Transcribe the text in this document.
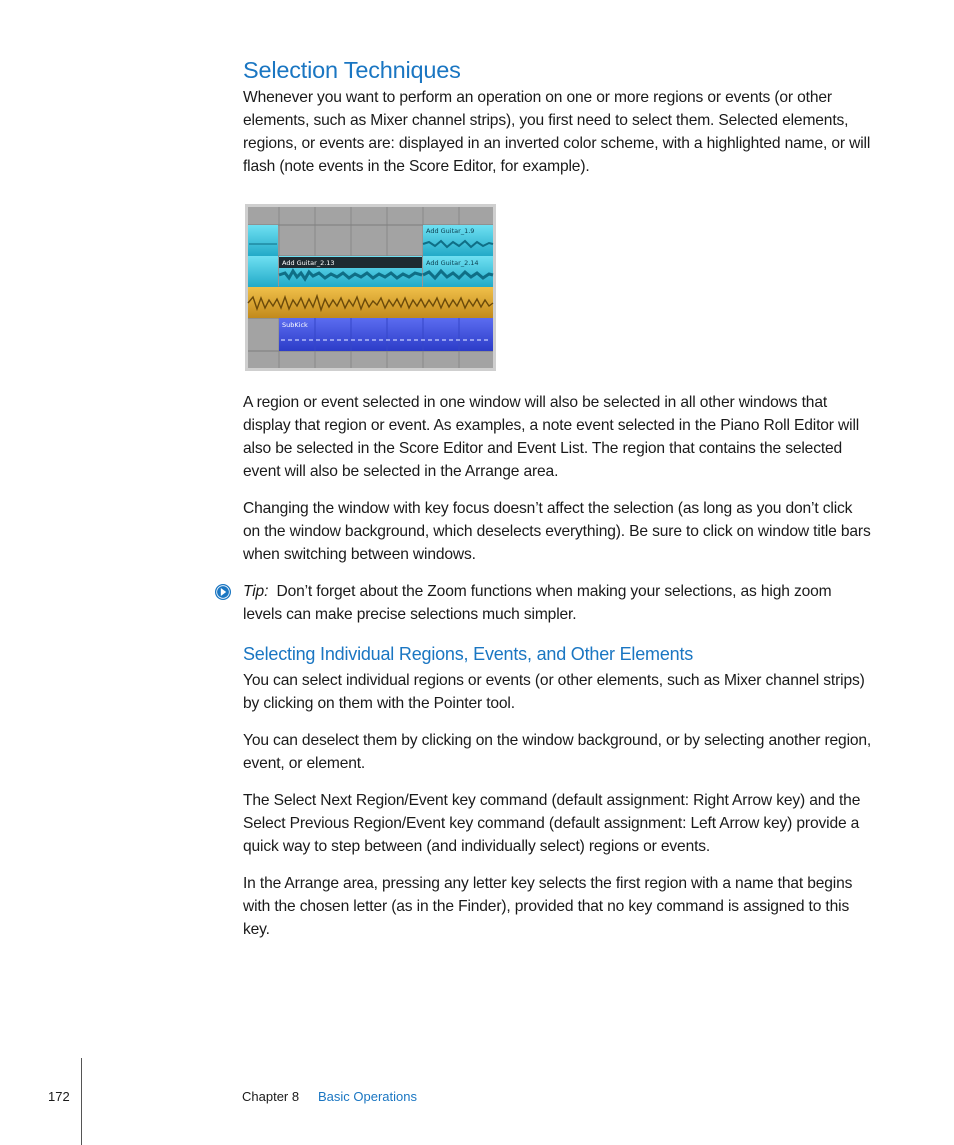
Selection Techniques

Whenever you want to perform an operation on one or more regions or events (or other elements, such as Mixer channel strips), you first need to select them. Selected elements, regions, or events are: displayed in an inverted color scheme, with a highlighted name, or will flash (note events in the Score Editor, for example).

Add Guitar_1.9
Add Guitar_2.13	Add Guitar_2.14
SubKick

A region or event selected in one window will also be selected in all other windows that display that region or event. As examples, a note event selected in the Piano Roll Editor will also be selected in the Score Editor and Event List. The region that contains the selected event will also be selected in the Arrange area.

Changing the window with key focus doesn’t affect the selection (as long as you don’t click on the window background, which deselects everything). Be sure to click on window title bars when switching between windows.

Tip: Don’t forget about the Zoom functions when making your selections, as high zoom levels can make precise selections much simpler.

Selecting Individual Regions, Events, and Other Elements

You can select individual regions or events (or other elements, such as Mixer channel strips) by clicking on them with the Pointer tool.

You can deselect them by clicking on the window background, or by selecting another region, event, or element.

The Select Next Region/Event key command (default assignment: Right Arrow key) and the Select Previous Region/Event key command (default assignment: Left Arrow key) provide a quick way to step between (and individually select) regions or events.

In the Arrange area, pressing any letter key selects the first region with a name that begins with the chosen letter (as in the Finder), provided that no key command is assigned to this key.

172	Chapter 8 Basic Operations
